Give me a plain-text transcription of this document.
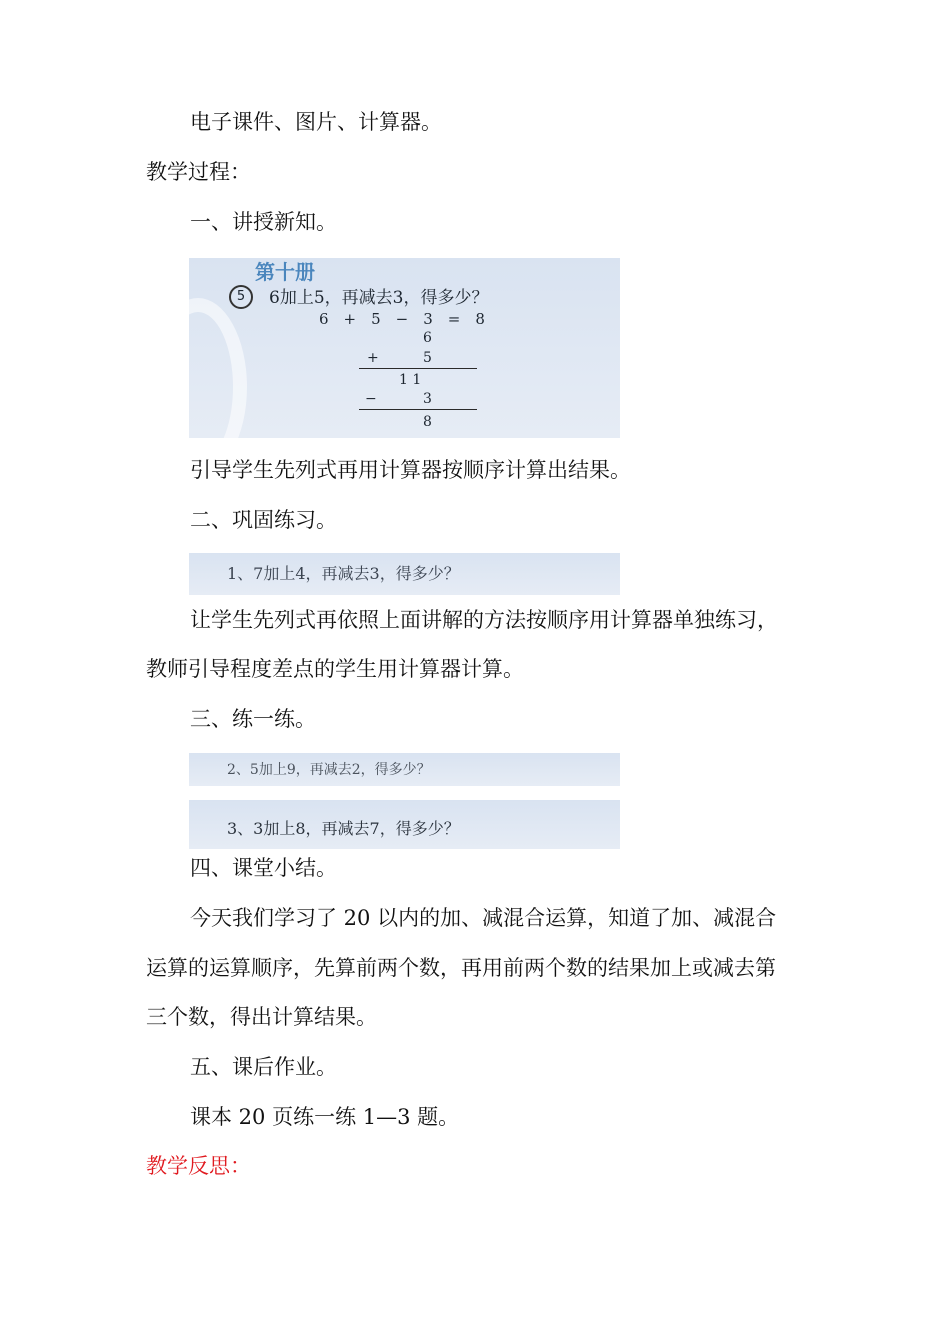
电子课件、图片、计算器。
教学过程：
一、讲授新知。
第十册
5	6加上5，再减去3，得多少？
6　+　5　−　3　=　8
6
+	5
1 1
−	3
8
引导学生先列式再用计算器按顺序计算出结果。
二、巩固练习。
1、7加上4，再减去3，得多少？
让学生先列式再依照上面讲解的方法按顺序用计算器单独练习，
教师引导程度差点的学生用计算器计算。
三、练一练。
2、5加上9，再减去2，得多少？
3、3加上8，再减去7，得多少？
四、课堂小结。
今天我们学习了 20 以内的加、减混合运算，知道了加、减混合
运算的运算顺序，先算前两个数，再用前两个数的结果加上或减去第
三个数，得出计算结果。
五、课后作业。
课本 20 页练一练 1—3 题。
教学反思：
